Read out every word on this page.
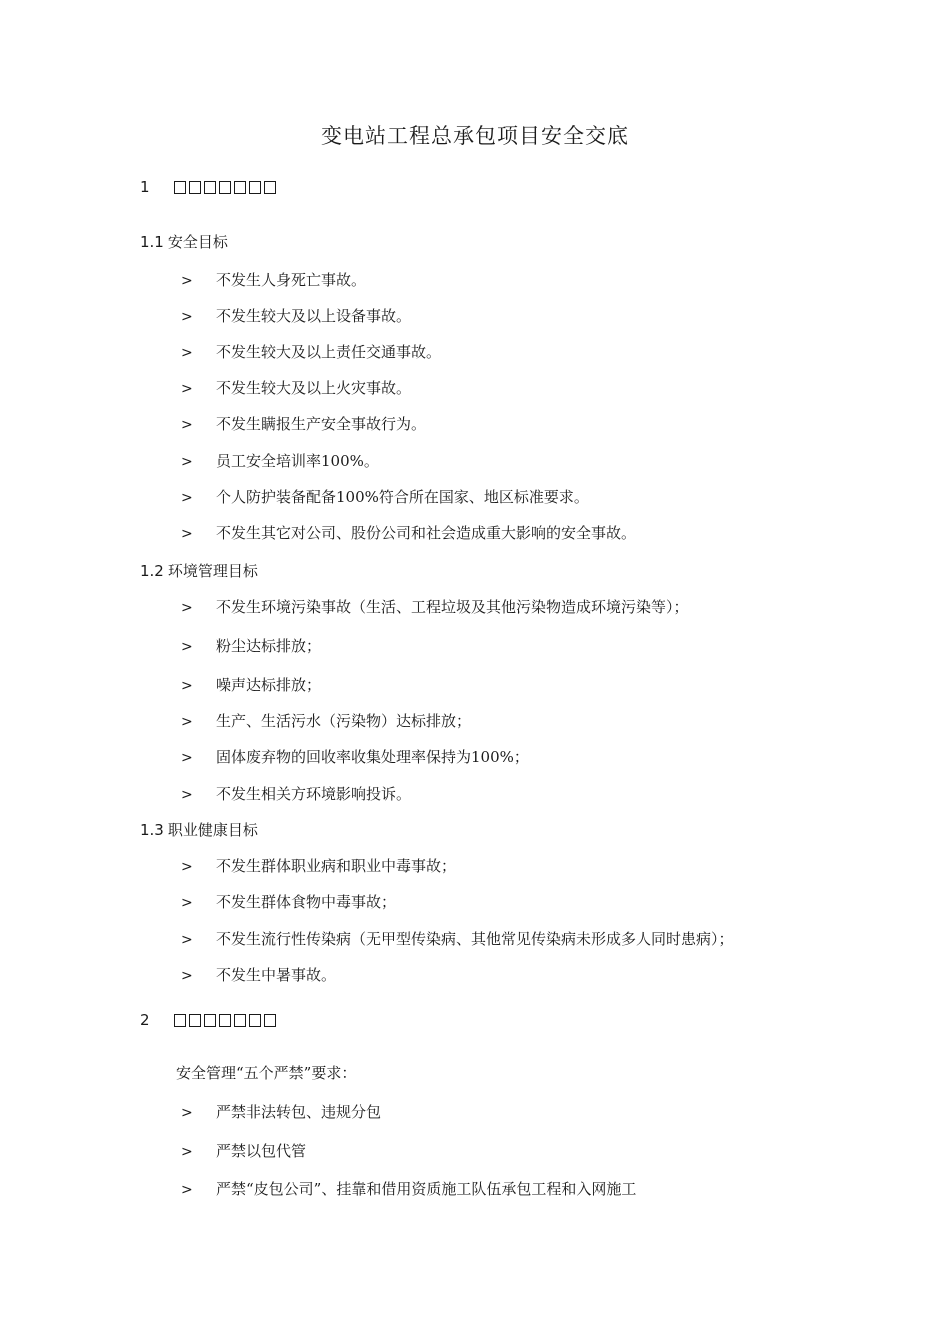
变电站工程总承包项目安全交底
1
1.1 安全目标
> 不发生人身死亡事故。
> 不发生较大及以上设备事故。
> 不发生较大及以上责任交通事故。
> 不发生较大及以上火灾事故。
> 不发生瞒报生产安全事故行为。
> 员工安全培训率100%。
> 个人防护装备配备100%符合所在国家、地区标准要求。
> 不发生其它对公司、股份公司和社会造成重大影响的安全事故。
1.2 环境管理目标
> 不发生环境污染事故（生活、工程垃圾及其他污染物造成环境污染等）；
> 粉尘达标排放；
> 噪声达标排放；
> 生产、生活污水（污染物）达标排放；
> 固体废弃物的回收率收集处理率保持为100%；
> 不发生相关方环境影响投诉。
1.3 职业健康目标
> 不发生群体职业病和职业中毒事故；
> 不发生群体食物中毒事故；
> 不发生流行性传染病（无甲型传染病、其他常见传染病未形成多人同时患病）；
> 不发生中暑事故。
2
安全管理“五个严禁”要求：
> 严禁非法转包、违规分包
> 严禁以包代管
> 严禁“皮包公司”、挂靠和借用资质施工队伍承包工程和入网施工
